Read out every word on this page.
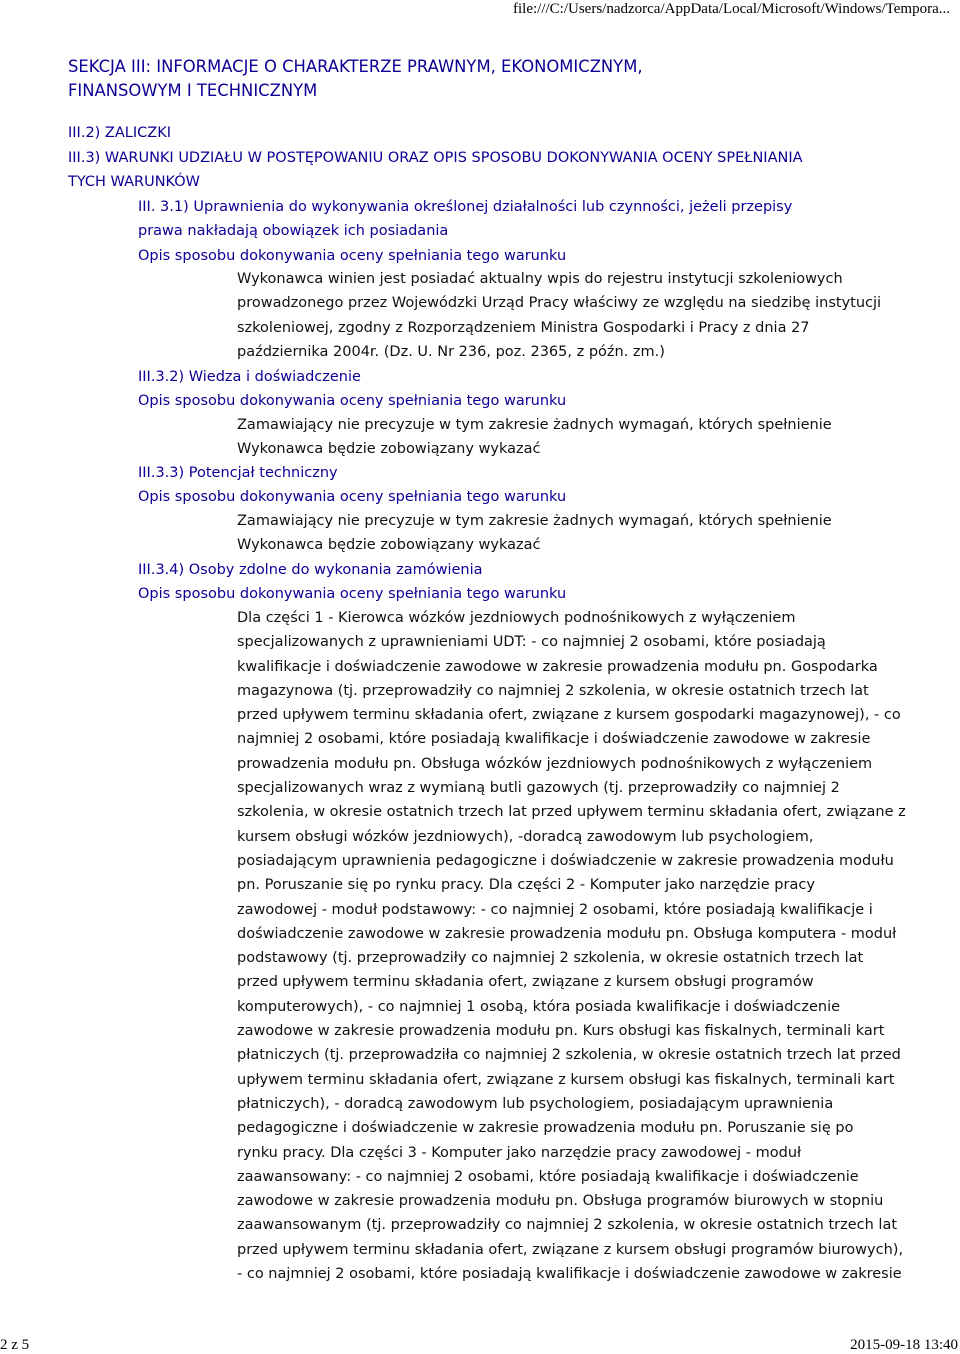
file:///C:/Users/nadzorca/AppData/Local/Microsoft/Windows/Tempora...
SEKCJA III: INFORMACJE O CHARAKTERZE PRAWNYM, EKONOMICZNYM,
FINANSOWYM I TECHNICZNYM
III.2) ZALICZKI
III.3) WARUNKI UDZIAŁU W POSTĘPOWANIU ORAZ OPIS SPOSOBU DOKONYWANIA OCENY SPEŁNIANIA
TYCH WARUNKÓW
III. 3.1) Uprawnienia do wykonywania określonej działalności lub czynności, jeżeli przepisy
prawa nakładają obowiązek ich posiadania
Opis sposobu dokonywania oceny spełniania tego warunku
Wykonawca winien jest posiadać aktualny wpis do rejestru instytucji szkoleniowych
prowadzonego przez Wojewódzki Urząd Pracy właściwy ze względu na siedzibę instytucji
szkoleniowej, zgodny z Rozporządzeniem Ministra Gospodarki i Pracy z dnia 27
października 2004r. (Dz. U. Nr 236, poz. 2365, z późn. zm.)
III.3.2) Wiedza i doświadczenie
Opis sposobu dokonywania oceny spełniania tego warunku
Zamawiający nie precyzuje w tym zakresie żadnych wymagań, których spełnienie
Wykonawca będzie zobowiązany wykazać
III.3.3) Potencjał techniczny
Opis sposobu dokonywania oceny spełniania tego warunku
Zamawiający nie precyzuje w tym zakresie żadnych wymagań, których spełnienie
Wykonawca będzie zobowiązany wykazać
III.3.4) Osoby zdolne do wykonania zamówienia
Opis sposobu dokonywania oceny spełniania tego warunku
Dla części 1 - Kierowca wózków jezdniowych podnośnikowych z wyłączeniem
specjalizowanych z uprawnieniami UDT: - co najmniej 2 osobami, które posiadają
kwalifikacje i doświadczenie zawodowe w zakresie prowadzenia modułu pn. Gospodarka
magazynowa (tj. przeprowadziły co najmniej 2 szkolenia, w okresie ostatnich trzech lat
przed upływem terminu składania ofert, związane z kursem gospodarki magazynowej), - co
najmniej 2 osobami, które posiadają kwalifikacje i doświadczenie zawodowe w zakresie
prowadzenia modułu pn. Obsługa wózków jezdniowych podnośnikowych z wyłączeniem
specjalizowanych wraz z wymianą butli gazowych (tj. przeprowadziły co najmniej 2
szkolenia, w okresie ostatnich trzech lat przed upływem terminu składania ofert, związane z
kursem obsługi wózków jezdniowych), -doradcą zawodowym lub psychologiem,
posiadającym uprawnienia pedagogiczne i doświadczenie w zakresie prowadzenia modułu
pn. Poruszanie się po rynku pracy. Dla części 2 - Komputer jako narzędzie pracy
zawodowej - moduł podstawowy: - co najmniej 2 osobami, które posiadają kwalifikacje i
doświadczenie zawodowe w zakresie prowadzenia modułu pn. Obsługa komputera - moduł
podstawowy (tj. przeprowadziły co najmniej 2 szkolenia, w okresie ostatnich trzech lat
przed upływem terminu składania ofert, związane z kursem obsługi programów
komputerowych), - co najmniej 1 osobą, która posiada kwalifikacje i doświadczenie
zawodowe w zakresie prowadzenia modułu pn. Kurs obsługi kas fiskalnych, terminali kart
płatniczych (tj. przeprowadziła co najmniej 2 szkolenia, w okresie ostatnich trzech lat przed
upływem terminu składania ofert, związane z kursem obsługi kas fiskalnych, terminali kart
płatniczych), - doradcą zawodowym lub psychologiem, posiadającym uprawnienia
pedagogiczne i doświadczenie w zakresie prowadzenia modułu pn. Poruszanie się po
rynku pracy. Dla części 3 - Komputer jako narzędzie pracy zawodowej - moduł
zaawansowany: - co najmniej 2 osobami, które posiadają kwalifikacje i doświadczenie
zawodowe w zakresie prowadzenia modułu pn. Obsługa programów biurowych w stopniu
zaawansowanym (tj. przeprowadziły co najmniej 2 szkolenia, w okresie ostatnich trzech lat
przed upływem terminu składania ofert, związane z kursem obsługi programów biurowych),
- co najmniej 2 osobami, które posiadają kwalifikacje i doświadczenie zawodowe w zakresie
2 z 5	2015-09-18 13:40
